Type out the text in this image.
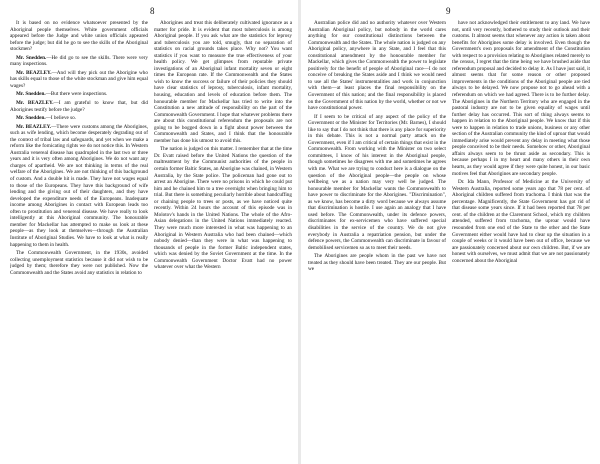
8	9

It is based on no evidence whatsoever presented by the Aboriginal people themselves. White government officials appeared before the Judge and white union officials appeared before the judge; but did he go to see the skills of the Aboriginal stockmen?

Mr. Snedden.—He did go to see the skills. There were very many inspections.

Mr. BEAZLEY.—And will they pick out the Aborigine who has skills equal to those of the white stockman and give him equal wages?

Mr. Snedden.—But there were inspections.

Mr. BEAZLEY.—I am grateful to know that, but did Aborigines testify before the judge?

Mr. Snedden.—I believe so.

Mr. BEAZLEY.—There were customs among the Aborigines, such as wife lending, which become desperately degrading out of the context of tribal law and safeguards, and yet when we make a reform like the fornicating rights we do not notice this. In Western Australia venereal disease has quadrupled in the last two or three years and it is very often among Aborigines. We do not want any charges of apartheid. We are not thinking in terms of the real welfare of the Aborigines. We are not thinking of this background of custom. And a double hit is made. They have not wages equal to those of the Europeans. They have this background of wife lending and the giving out of their daughters, and they have developed the expenditure needs of the Europeans. Inadequate income among Aborigines in contact with European leads too often to prostitution and venereal disease. We have really to look intelligently at this Aboriginal community. The honourable member for Mackellar has attempted to make us look at these people—as they look at themselves—through the Australian Institute of Aboriginal Studies. We have to look at what is really happening to them in health.

The Commonwealth Government, in the 1930s, avoided collecting unemployment statistics because it did not wish to be judged by them; therefore they were not published. Now the Commonwealth and the States avoid any statistics in relation to

Aborigines and treat this deliberately cultivated ignorance as a matter for pride. It is evident that most tuberculosis is among Aboriginal people. If you ask what are the statistics for leprosy and tuberculosis you are told, smugly, that no separation of statistics on racial grounds takes place. Why not? You want statistics if you want to measure the true effectiveness of your health policy. We get glimpses from reputable private investigations of an Aboriginal infant mortality seven or eight times the European rate. If the Commonwealth and the States wish to know the success or failure of their policies they should have clear statistics of leprosy, tuberculosis, infant mortality, housing, education and levels of education before them. The honourable member for Mackellar has tried to write into the Constitution a new attitude of responsibility on the part of the Commonwealth Government. I hope that whatever problems there are about this constitutional referendum the proposals are not going to be bogged down in a fight about power between the Commonwealth and States, and I think that the honourable member has done his utmost to avoid this.

The nation is judged on this matter. I remember that at the time Dr. Evatt raised before the United Nations the question of the maltreatment by the Communist authorities of the people in certain former Baltic States, an Aborigine was chained, in Western Australia, by the State police. The policeman had gone out to arrest an Aborigine. There were no prisons in which he could put him and he chained him to a tree overnight when bringing him to trial. But there is something peculiarly horrible about handcuffing or chaining people to trees or posts, as we have noticed quite recently. Within 24 hours the account of this episode was in Molotov's hands in the United Nations. The whole of the Afro-Asian delegations in the United Nations immediately reacted. They were much more interested in what was happening to an Aboriginal in Western Australia who had been chained—which nobody denied—than they were in what was happening to thousands of people in the former Baltic independent states, which was denied by the Soviet Government at the time. In the Commonwealth Government Doctor Evatt had no power whatever over what the Western

Australian police did and no authority whatever over Western Australian Aboriginal policy, but nobody in the world cares anything for our constitutional distinctions between the Commonwealth and the States. The whole nation is judged on any Aboriginal policy, anywhere in any State, and I feel that this constitutional amendment by the honourable member for Mackellar, which gives the Commonwealth the power to legislate positively for the benefit of people of Aboriginal race—I do not conceive of breaking the States aside and I think we would need to use all the States' instrumentalities and work in conjunction with them—at least places the final responsibility on the Government of this nation; and the final responsibility is placed on the Government of this nation by the world, whether or not we have constitutional power.

If I seem to be critical of any aspect of the policy of the Government or the Minister for Territories (Mr. Barnes), I should like to say that I do not think that there is any place for superiority in this debate. This is not a normal party attack on the Government, even if I am critical of certain things that exist in the Commonwealth. From working with the Minister on two select committees, I know of his interest in the Aboriginal people, though sometimes he disagrees with me and sometimes he agrees with me. What we are trying to conduct here is a dialogue on the question of the Aboriginal people—the people on whose wellbeing we as a nation may very well be judged. The honourable member for Mackellar wants the Commonwealth to have power to discriminate for the Aborigines. "Discrimination", as we know, has become a dirty word because we always assume that discrimination is hostile. I use again an analogy that I have used before. The Commonwealth, under its defence powers, discriminates for ex-servicemen who have suffered special disabilities in the service of the country. We do not give everybody in Australia a repatriation pension, but under the defence powers, the Commonwealth can discriminate in favour of demobilised servicemen so as to meet their needs.

The Aborigines are people whom in the past we have not treated as they should have been treated. They are our people. But we

have not acknowledged their entitlement to any land. We have not, until very recently, bothered to study their outlook and their customs. It almost seems that whenever any action is taken about benefits for Aborigines some delay is involved. Even though the Government's own proposals for amendment of the Constitution with respect to a provision relating to Aborigines related merely to the census, I regret that the time being we have brushed aside that referendum proposal and decided to delay it. As I have just said, it almost seems that for some reason or other proposed improvements in the conditions of the Aboriginal people are tied always to be delayed. We now propose not to go ahead with a referendum on which we had agreed. There is to be further delay. The Aborigines in the Northern Territory who are engaged in the pastoral industry are not to be given equality of wages until further delay has occurred. This sort of thing always seems to happen in relation to the Aboriginal people. We know that if this were to happen in relation to trade unions, business or any other section of the Australian community the kind of uproar that would immediately arise would prevent any delay in meeting what those people conceived to be their needs. Somehow or other, Aboriginal affairs always seem to be thrust aside as secondary. This is because perhaps I in my heart and many others in their own hearts, as they would agree if they were quite honest, in our basic motives feel that Aborigines are secondary people.

Dr. Ida Mann, Professor of Medicine at the University of Western Australia, reported some years ago that 78 per cent. of Aboriginal children suffered from trachoma. I think that was the percentage. Magnificently, the State Government has got rid of that disease some years since. If it had been reported that 78 per cent. of the children at the Claremont School, which my children attended, suffered from trachoma, the uproar would have resounded from one end of the State to the other and the State Government either would have had to clear up the situation in a couple of weeks or it would have been out of office, because we are passionately concerned about our own children. But, if we are honest with ourselves, we must admit that we are not passionately concerned about the Aboriginal
